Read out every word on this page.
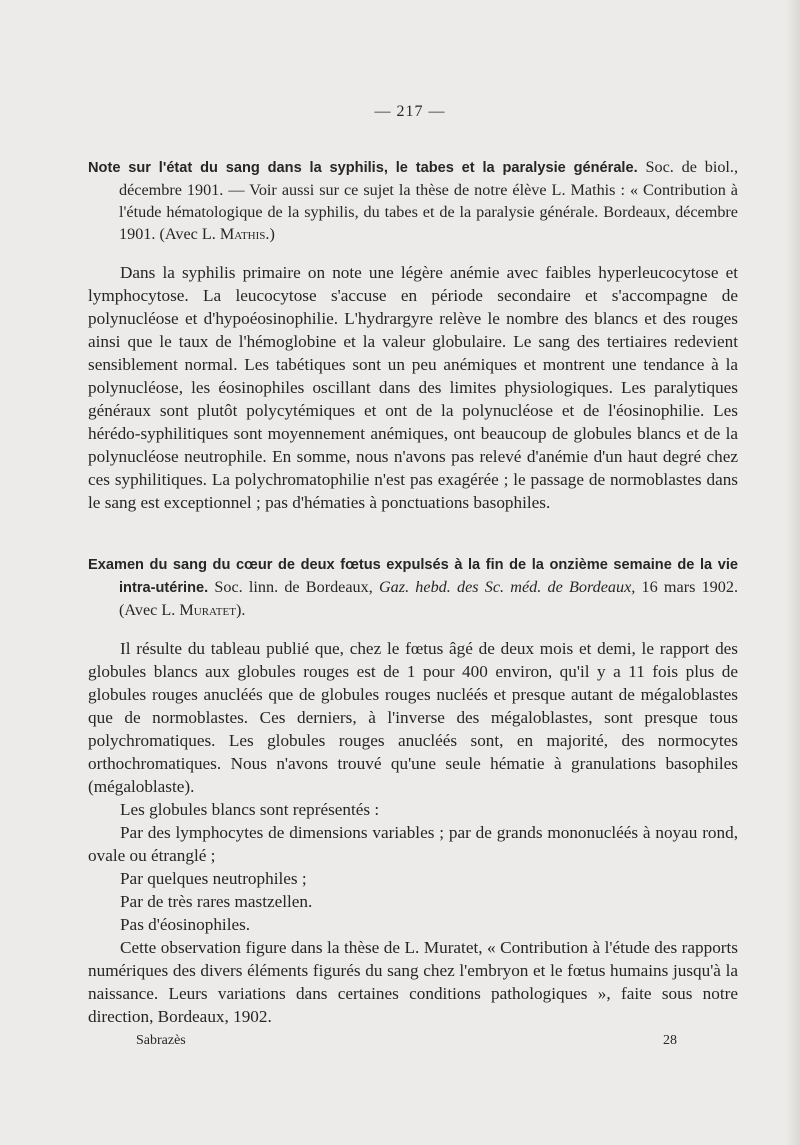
— 217 —

Note sur l'état du sang dans la syphilis, le tabes et la paralysie générale. Soc. de biol., décembre 1901. — Voir aussi sur ce sujet la thèse de notre élève L. Mathis : « Contribution à l'étude hématologique de la syphilis, du tabes et de la paralysie générale. Bordeaux, décembre 1901. (Avec L. Mathis.)

Dans la syphilis primaire on note une légère anémie avec faibles hyperleucocytose et lymphocytose. La leucocytose s'accuse en période secondaire et s'accompagne de polynucléose et d'hypoéosinophilie. L'hydrargyre relève le nombre des blancs et des rouges ainsi que le taux de l'hémoglobine et la valeur globulaire. Le sang des tertiaires redevient sensiblement normal. Les tabétiques sont un peu anémiques et montrent une tendance à la polynucléose, les éosinophiles oscillant dans des limites physiologiques. Les paralytiques généraux sont plutôt polycytémiques et ont de la polynucléose et de l'éosinophilie. Les hérédo-syphilitiques sont moyennement anémiques, ont beaucoup de globules blancs et de la polynucléose neutrophile. En somme, nous n'avons pas relevé d'anémie d'un haut degré chez ces syphilitiques. La polychromatophilie n'est pas exagérée ; le passage de normoblastes dans le sang est exceptionnel ; pas d'hématies à ponctuations basophiles.

Examen du sang du cœur de deux fœtus expulsés à la fin de la onzième semaine de la vie intra-utérine. Soc. linn. de Bordeaux, Gaz. hebd. des Sc. méd. de Bordeaux, 16 mars 1902. (Avec L. Muratet).

Il résulte du tableau publié que, chez le fœtus âgé de deux mois et demi, le rapport des globules blancs aux globules rouges est de 1 pour 400 environ, qu'il y a 11 fois plus de globules rouges anucléés que de globules rouges nucléés et presque autant de mégaloblastes que de normoblastes. Ces derniers, à l'inverse des mégaloblastes, sont presque tous polychromatiques. Les globules rouges anucléés sont, en majorité, des normocytes orthochromatiques. Nous n'avons trouvé qu'une seule hématie à granulations basophiles (mégaloblaste).

Les globules blancs sont représentés :

Par des lymphocytes de dimensions variables ; par de grands mononucléés à noyau rond, ovale ou étranglé ;
Par quelques neutrophiles ;
Par de très rares mastzellen.
Pas d'éosinophiles.

Cette observation figure dans la thèse de L. Muratet, « Contribution à l'étude des rapports numériques des divers éléments figurés du sang chez l'embryon et le fœtus humains jusqu'à la naissance. Leurs variations dans certaines conditions pathologiques », faite sous notre direction, Bordeaux, 1902.

Sabrazès	28
